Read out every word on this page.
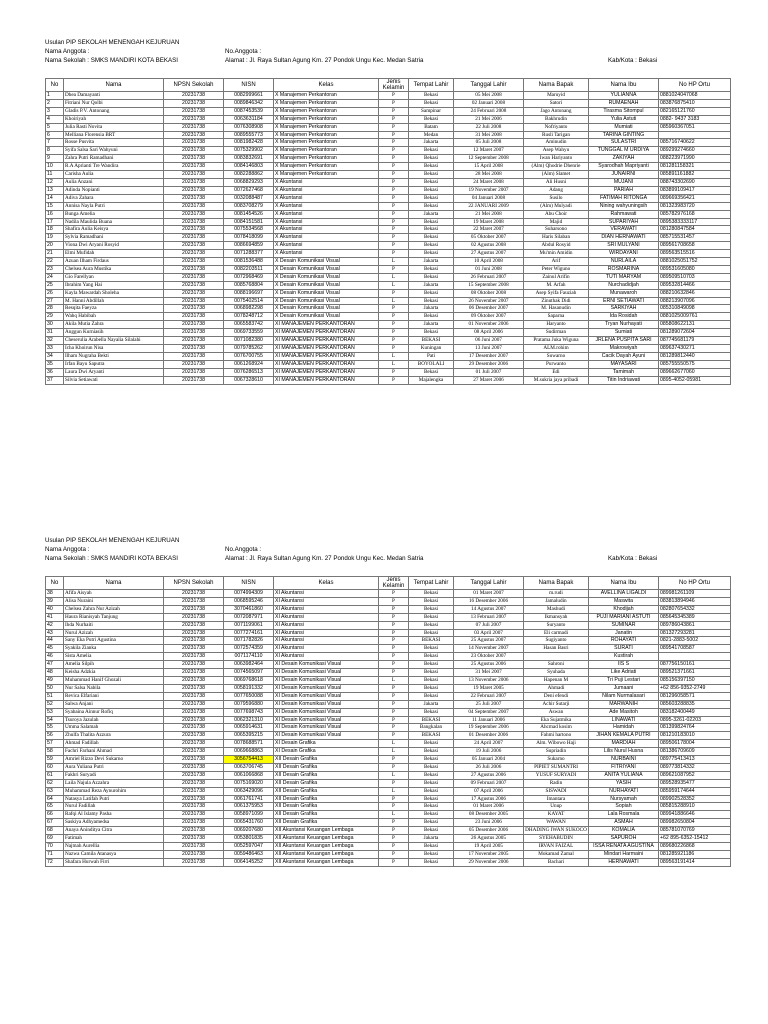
Usulan PIP SEKOLAH MENENGAH KEJURUAN
Nama Anggota :	No.Anggota :
Nama Sekolah : SMKS MANDIRI KOTA BEKASI	Alamat : Jl. Raya Sultan Agung Km. 27 Pondok Ungu Kec. Medan Satria	Kab/Kota : Bekasi
No	Nama	NPSN Sekolah	NISN	Kelas	Jenis Kelamin	Tempat Lahir	Tanggal Lahir	Nama Bapak	Nama Ibu	No HP Ortu
1	Dhea Damayanti	20231738	0082999661	X Manajemen Perkantoran	P	Bekasi	05 Mei 2008	Maruyid	YULIANNA	0881024047068
2	Fitriani Nur Qolbi	20231738	0089846342	X Manajemen Perkantoran	P	Bekasi	02 Januari 2008	Satori	RUMAENAH	083876875410
3	Gladis P.V. Antonang	20231738	0087453539	X Manajemen Perkantoran	P	Sampinar	24 Februari 2008	Jago Antonang	Tirasma Sitompul	082165121760
4	Khoiriyah	20231738	0063631184	X Manajemen Perkantoran	P	Bekasi	21 Mei 2006	Bakhrudin	Yulia Astuti	0882- 9437 3183
5	Julia Rasti Novita	20231738	0076308908	X Manajemen Perkantoran	P	Batam	22 Juli 2008	Nofriyanto	Mumiati	085960367051
6	Melliana Florensia BRT	20231738	0089555773	X Manajemen Perkantoran	P	Medan	31 Mei 2008	Rusli Tarigan	TARINA GINTING	
7	Rosse Pusvita	20231738	0081982428	X Manajemen Perkantoran	P	Jakarta	05 Juli 2008	Aminudin	SULASTRI	085716740622
8	Syifa Salsa Sari Wahyuni	20231738	0075329902	X Manajemen Perkantoran	P	Bekasi	12 Maret 2007	Asep Wahyu	TUNGGAL M URDIYA	089299274660
9	Zahra Putri Ramadhani	20231738	0083832691	X Manajemen Perkantoran	P	Bekasi	12 September 2008	Iwan Hariyanto	ZAKIYAH	088223971990
10	R.A Aprianti Tre Wandira	20231738	0084146803	X Manajemen Perkantoran	P	Bekasi	15 April 2008	(Alm) Qhodrie Dhenrie	Syarodhah Mapriyanti	081281158321
11	Carisha Aulia	20231738	0082288862	X Manajemen Perkantoran	P	Bekasi	28 Mei 2008	(Alm) Slamet	JUNAIRNI	085891161882
12	Aulia Anzani	20231738	0068829293	X Akuntansi	P	Bekasi	24 Maret 2008	Ali Husni	MUJANI	088743302690
13	Adinda Nopianti	20231738	0072627468	X Akuntansi	P	Bekasi	19 November 2007	Adang	PARIAH	083899109417
14	Adiva Zahara	20231738	0032088487	X Akuntansi	P	Bekasi	04 Januari 2008	Susilo	FATIMAH RITONGA	089669356421
15	Annisa Nayla Putri	20231738	0083708279	X Akuntansi	P	Bekasi	22 JANUARI 2009	(Alm) Mulyadi	Nining wahyuningsih	081323983720
16	Bunga Amelia	20231738	0081454526	X Akuntansi	P	Jakarta	21 Mei 2008	Abu Choir	Rahmawati	085782976168
17	Nadila Maulida Buana	20231738	0084151581	X Akuntansi	P	Bekasi	19 Maret 2008	Majid	SUPARIYAH	0895383333117
18	Shafira Aulia Keisya	20231738	0075534568	X Akuntansi	P	Bekasi	22 Maret 2007	Suharsono	VERAWATI	081280847584
19	Sylvia Ramadhani	20231738	0078418099	X Akuntansi	P	Bekasi	05 Oktober 2007	Haris Silaban	DIAN HERNAWATI	085715531457
20	Viona Dwi Aryani Rosyid	20231738	0086694859	X Akuntansi	P	Bekasi	02 Agustus 2008	Abdul Rosyid	SRI MULYANI	089561708658
21	Elmi Mufidah	20231738	0071288377	X Akuntansi	P	Bekasi	27 Agustus 2007	Mu'min Amidin	WIRDAYANI	089563515516
22	Azuan Ilham Firdaus	20231738	0081536488	X Desain Komunikasi Visual	L	Jakarta	10 April 2008	Arif	NURLAILA	0881025051752
23	Chelsea Aura Mustika	20231738	0082203511	X Desain Komunikasi Visual	P	Bekasi	01 Juni 2008	Peter Wiguno	ROSMARINA	089531605080
24	Gio Farellyan	20231738	0072968469	X Desain Komunikasi Visual	L	Bekasi	26 Februari 2007	Zainul Arifin	TUTI MARYAM	089509510703
25	Ibrahim Yang Hai	20231738	0085768804	X Desain Komunikasi Visual	L	Jakarta	15 September 2008	M. Arfah	Nurchadidjah	089532814466
26	Kayla Mawardah Sholeha	20231738	0088196697	X Desain Komunikasi Visual	P	Bekasi	08 Oktober 2008	Asep Syifa Fauziah	Munawaroh	088210632846
27	M. Hanni Abdillah	20231738	0075402514	X Desain Komunikasi Visual	L	Bekasi	26 November 2007	Zinuthak Didi	ERNI SETIAWATI	088213907096
28	Resqita Faeyza	20231738	0068982298	X Desain Komunikasi Visual	P	Jakarta	06 Desember 2007	M. Hasanudin	SARKIYAH	085310849098
29	Wahq Habibah	20231738	0078248712	X Desain Komunikasi Visual	P	Bekasi	09 Oktober 2007	Saparna	Ida Rosidah	0881025009761
30	Akila Mutia Zahra	20231738	0065583742	XI MANAJEMEN PERKANTORAN	P	Jakarta	01 November 2006	Haryanto	Tryan Nurhayati	085808622131
31	Anggun Kurniasih	20231738	0069733559	XI MANAJEMEN PERKANTORAN	P	Bekasi	08 April 2006	Sudirman	Sumiati	081289072604
32	Cheserulia Arabella Nayalia Silalahi	20231738	0071082380	XI MANAJEMEN PERKANTORAN	P	BEKASI	06 Juni 2007	Pratama Juka Wiguna	JRLENA PUSPITA SARI	087745681179
33	Icha Khoirun Nisa	20231738	0079785262	XI MANAJEMEN PERKANTORAN	P	Kuningan	13 Juni 2007	ALM.rohim	Makrowiyah	089637430271
34	Ilham Nugraha Bekti	20231738	0076700755	XI MANAJEMEN PERKANTORAN	L	Pati	17 Desember 2007	Suwarno	Cacik Dayah Ayuni	081289812440
35	Irfan Bayu Saputra	20231738	0061268924	XI MANAJEMEN PERKANTORAN	L	BOYOLALI	29 Desember 2006	Purwanto	MAYASARI	085755550575
36	Laura Dwi Aryanti	20231738	0076286513	XI MANAJEMEN PERKANTORAN	P	Bekasi	01 Juli 2007	Edi	Tamimah	089662677060
37	Silvia Setiawati	20231738	0067328610	XI MANAJEMEN PERKANTORAN	P	Majalengka	27 Maret 2006	M.sukria jaya pribadi	Titin Indriawati	0895-4052-05981
Usulan PIP SEKOLAH MENENGAH KEJURUAN
Nama Anggota :	No.Anggota :
Nama Sekolah : SMKS MANDIRI KOTA BEKASI	Alamat : Jl. Raya Sultan Agung Km. 27 Pondok Ungu Kec. Medan Satria	Kab/Kota : Bekasi
No	Nama	NPSN Sekolah	NISN	Kelas	Jenis Kelamin	Tempat Lahir	Tanggal Lahir	Nama Bapak	Nama Ibu	No HP Ortu
38	Afifa Aisyah	20231738	0074994309	XI Akuntansi	P	Bekasi	01 Maret 2007	m.rudi	AVELLINA LIGALDI	089981261109
39	Alisa Nuraini	20231738	0068595246	XI Akuntansi	P	Bekasi	16 Desember 2006	Jamaludin	Maswita	083813894946
40	Chelsea Zahra Nur Azizah	20231738	3070461860	XI Akuntansi	P	Bekasi	14 Agustus 2007	Mashudi	Khodijah	082807654332
41	Haura Rianisyah Tanjung	20231738	0072087971	XI Akuntansi	P	Bekasi	13 Februari 2007	Ikmansyah	PUJI MARIANI ASTUTI	085645345389
42	Ihda Nurhaiti	20231738	0071199061	XI Akuntansi	P	Bekasi	07 Juli 2007	Suryanto	SUMINAR	089786043861
43	Nurul Azizah	20231738	0077274161	XI Akuntansi	P	Bekasi	03 April 2007	Eli carmadi	Janatin	081327293281
44	Sany Eka Putri Agustina	20231738	0071782826	XI Akuntansi	P	BEKASI	25 Agustus 2007	Sugiyanto	ROHAYATI	0821-2883-5002
45	Syakila Zianka	20231738	0072574359	XI Akuntansi	P	Bekasi	14 November 2007	Hasan Basri	SURATI	089541708587
46	Sista Amelia	20231738	0071174110	XI Akuntansi	P	Bekasi	23 Oktober 2007		Kustirah	
47	Amelia Silpih	20231738	0063982464	XI Desain Komunikasi Visual	P	Bekasi	25 Agustus 2006	Sahroni	IIS S	087756150161
48	Keisha Adzkia	20231738	0074565097	XI Desain Komunikasi Visual	P	Bekasi	31 Mei 2007	Syuhada	Like Adriati	089521371661
49	Muhammad Hanif Ghozali	20231738	0069768618	XI Desain Komunikasi Visual	L	Bekasi	13 November 2006	Hapenan M	Tri Puji Lestari	085156397150
50	Nur Salsa Nabila	20231738	0058191332	XI Desain Komunikasi Visual	P	Bekasi	19 Maret 2005	Ahmadi	Jumaani	+62 856-9352-2749
51	Revica Elfariani	20231738	0077650088	XI Desain Komunikasi Visual	P	Bekasi	22 Februari 2007	Deni efendi	Nilam Nurmalasari	081296058571
52	Salwa Anjani	20231738	0079596880	XI Desain Komunikasi Visual	P	Jakarta	25 Juli 2007	Achir Sutarji	MARWANIH	085603288835
53	Syabaina Ainnur Rofiq	20231738	0077698743	XI Desain Komunikasi Visual	P	Bekasi	04 September 2007	Aswan	Ade Masitoh	083182400449
54	Tsuroya Jazulah	20231738	0062321310	XI Desain Komunikasi Visual	P	BEKASI	11 Januari 2006	Eka Sujatmika	LINAWATI	0895-3261-02203
55	Umma Salamah	20231738	0065914631	XI Desain Komunikasi Visual	P	Bangkalan	19 September 2006	Ahcmad kosim	Hamidah	081399824764
56	Zhulfa Thalita Azzura	20231738	0065395215	XI Desain Komunikasi Visual	P	BEKASI	01 Desember 2006	Fahmi hartono	JIHAN KEMALA PUTRI	081210183010
57	Ahmad Fadillah	20231738	0078688571	XI Desain Grafika	L	Bekasi	24 April 2007	Alm. Wibowo Haji	MARDIAH	089506178004
58	Fachri Farhani Ahmad	20231738	0069668863	XI Desain Grafika	L	Bekasi	19 Juli 2006	Supriadin	Lilis Nurul Husna	081386709609
59	Amriel Rizzo Devi Sukarno	20231738	3056754413	XII Desain Grafika	P	Bekasi	05 Januari 2004	Sukarno	NURBAINI	089775413413
60	Aura Yuliana Putri	20231738	0063706745	XII Desain Grafika	P	Bekasi	26 Juli 2006	PIPIET SUMANTRI	FITRIYANI	089773814332
61	Fakhri Suryadi	20231738	0061066868	XII Desain Grafika	L	Bekasi	27 Agustus 2006	YUSUF SURYADI	ANITA YULIANA	089621087952
62	Laila Najula Azzahra	20231738	0075169020	XII Desain Grafika	P	Bekasi	09 Februari 2007	Radin	YASIH	089528935477
63	Muhammad Reza Aynurohim	20231738	0063429096	XII Desain Grafika	L	Bekasi	07 April 2006	SISWADI	NURHAYATI	085959174644
64	Natasya Latifah Putri	20231738	0061761741	XII Desain Grafika	P	Bekasi	17 Agustus 2006	Imantara	Nursyamah	089902528352
65	Nurul Fadillah	20231738	0061375953	XII Desain Grafika	P	Bekasi	01 Maret 2006	Unup	Sopiah	085815288910
66	Rafqi Al Islamy Pasha	20231738	0058971099	XII Desain Grafika	L	Bekasi	08 Desember 2005	KAYAT	Lala Rosmala	089941886646
67	Saskiya Adhyamedsa	20231738	0065431760	XII Desain Grafika	P	Bekasi	23 Juni 2006	WAWAN	ASMAH	089982650804
68	Anaya Aninditya Citra	20231738	0069207680	XII Akuntansi Keuangan Lembaga	P	Bekasi	05 Desember 2006	DHADING IWAN SUKOCO	KOMALIA	085781070769
69	Fatimah	20231738	0053801835	XII Akuntansi Keuangan Lembaga	P	Jakarta	26 Agustus 2005	SYEHABUDIN	SAPUROH	+62 895-6352-15412
70	Najmah Aurellia	20231738	0052597047	XII Akuntansi Keuangan Lembaga	P	Bekasi	19 April 2005	IRVAN FAIZAL	ISSA RENATA AGUSTINA	089680226868
71	Nazwa Camila Atanasya	20231738	0059486463	XII Akuntansi Keuangan Lembaga	P	Bekasi	17 November 2005	Mokamad Zamal	Mindari Harmaini	081285921186
72	Shafara Hurwah Firri	20231738	0064145252	XII Akuntansi Keuangan Lembaga	P	Bekasi	29 November 2006	Bachari	HERNAWATI	089563191414
